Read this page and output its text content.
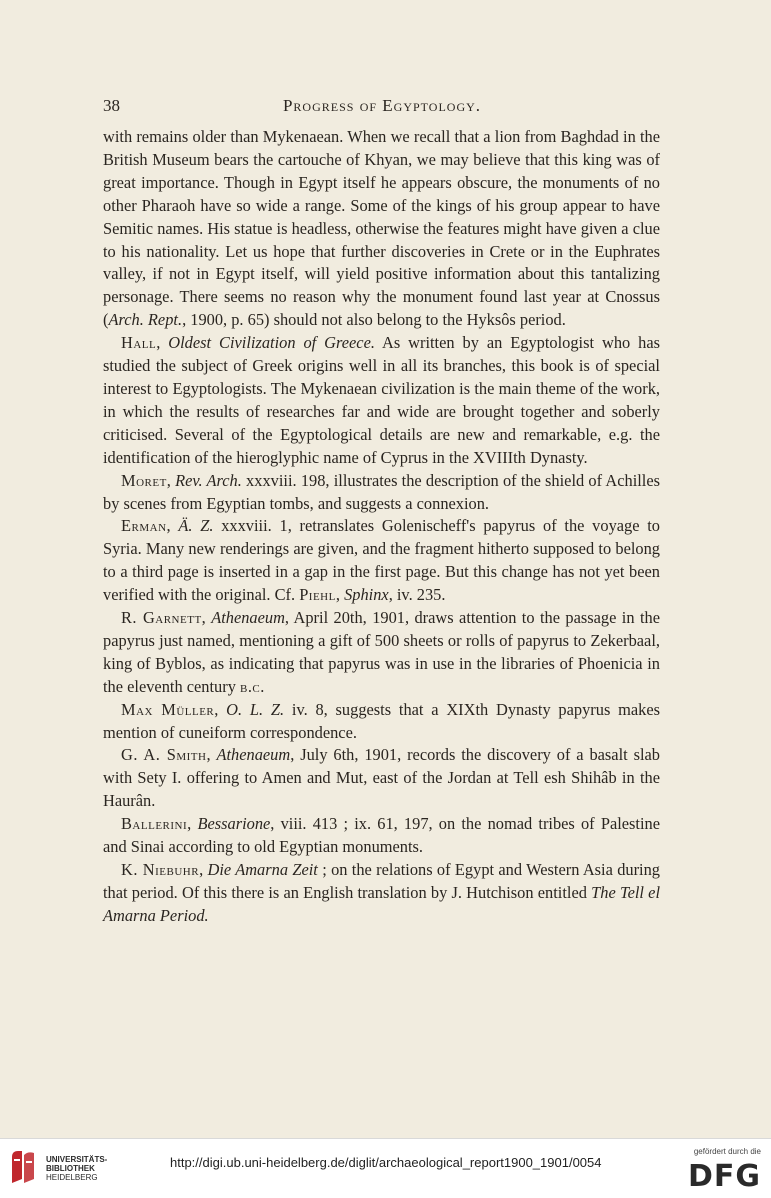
38	Progress of Egyptology.

with remains older than Mykenaean. When we recall that a lion from Baghdad in the British Museum bears the cartouche of Khyan, we may believe that this king was of great importance. Though in Egypt itself he appears obscure, the monuments of no other Pharaoh have so wide a range. Some of the kings of his group appear to have Semitic names. His statue is headless, otherwise the features might have given a clue to his nationality. Let us hope that further discoveries in Crete or in the Euphrates valley, if not in Egypt itself, will yield positive information about this tantalizing personage. There seems no reason why the monument found last year at Cnossus (Arch. Rept., 1900, p. 65) should not also belong to the Hyksôs period.

Hall, Oldest Civilization of Greece. As written by an Egyptologist who has studied the subject of Greek origins well in all its branches, this book is of special interest to Egyptologists. The Mykenaean civilization is the main theme of the work, in which the results of researches far and wide are brought together and soberly criticised. Several of the Egyptological details are new and remarkable, e.g. the identification of the hieroglyphic name of Cyprus in the XVIIIth Dynasty.

Moret, Rev. Arch. xxxviii. 198, illustrates the description of the shield of Achilles by scenes from Egyptian tombs, and suggests a connexion.

Erman, Ä. Z. xxxviii. 1, retranslates Golenischeff's papyrus of the voyage to Syria. Many new renderings are given, and the fragment hitherto supposed to belong to a third page is inserted in a gap in the first page. But this change has not yet been verified with the original. Cf. Piehl, Sphinx, iv. 235.

R. Garnett, Athenaeum, April 20th, 1901, draws attention to the passage in the papyrus just named, mentioning a gift of 500 sheets or rolls of papyrus to Zekerbaal, king of Byblos, as indicating that papyrus was in use in the libraries of Phoenicia in the eleventh century b.c.

Max Müller, O. L. Z. iv. 8, suggests that a XIXth Dynasty papyrus makes mention of cuneiform correspondence.

G. A. Smith, Athenaeum, July 6th, 1901, records the discovery of a basalt slab with Sety I. offering to Amen and Mut, east of the Jordan at Tell esh Shihâb in the Haurân.

Ballerini, Bessarione, viii. 413 ; ix. 61, 197, on the nomad tribes of Palestine and Sinai according to old Egyptian monuments.

K. Niebuhr, Die Amarna Zeit ; on the relations of Egypt and Western Asia during that period. Of this there is an English translation by J. Hutchison entitled The Tell el Amarna Period.

UNIVERSITÄTS-
BIBLIOTHEK
HEIDELBERG
http://digi.ub.uni-heidelberg.de/diglit/archaeological_report1900_1901/0054
gefördert durch die
DFG
